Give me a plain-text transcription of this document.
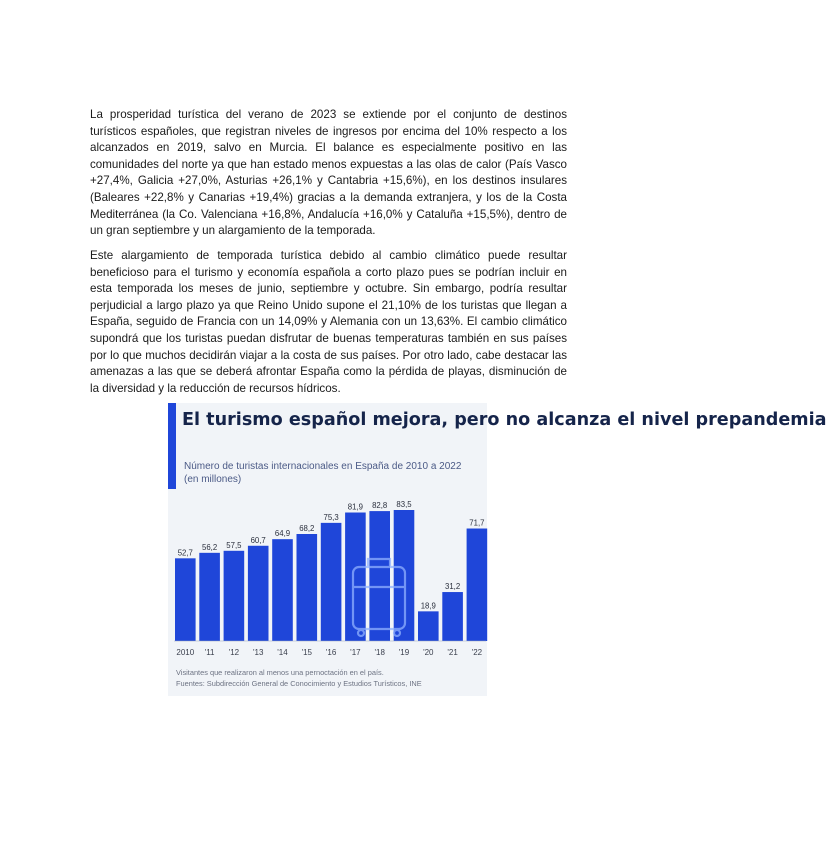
La prosperidad turística del verano de 2023 se extiende por el conjunto de destinos turísticos españoles, que registran niveles de ingresos por encima del 10% respecto a los alcanzados en 2019, salvo en Murcia. El balance es especialmente positivo en las comunidades del norte ya que han estado menos expuestas a las olas de calor (País Vasco +27,4%, Galicia +27,0%, Asturias +26,1% y Cantabria +15,6%), en los destinos insulares (Baleares +22,8% y Canarias +19,4%) gracias a la demanda extranjera, y los de la Costa Mediterránea (la Co. Valenciana +16,8%, Andalucía +16,0% y Cataluña +15,5%), dentro de un gran septiembre y un alargamiento de la temporada.

Este alargamiento de temporada turística debido al cambio climático puede resultar beneficioso para el turismo y economía española a corto plazo pues se podrían incluir en esta temporada los meses de junio, septiembre y octubre. Sin embargo, podría resultar perjudicial a largo plazo ya que Reino Unido supone el 21,10% de los turistas que llegan a España, seguido de Francia con un 14,09% y Alemania con un 13,63%. El cambio climático supondrá que los turistas puedan disfrutar de buenas temperaturas también en sus países por lo que muchos decidirán viajar a la costa de sus países. Por otro lado, cabe destacar las amenazas a las que se deberá afrontar España como la pérdida de playas, disminución de la diversidad y la reducción de recursos hídricos.

El turismo español mejora, pero no alcanza el nivel prepandemia

Número de turistas internacionales en España de 2010 a 2022 (en millones)

52,7
2010
56,2
'11
57,5
'12
60,7
'13
64,9
'14
68,2
'15
75,3
'16
81,9
'17
82,8
'18
83,5
'19
18,9
'20
31,2
'21
71,7
'22
Visitantes que realizaron al menos una pernoctación en el país.
Fuentes: Subdirección General de Conocimiento y Estudios Turísticos, INE
